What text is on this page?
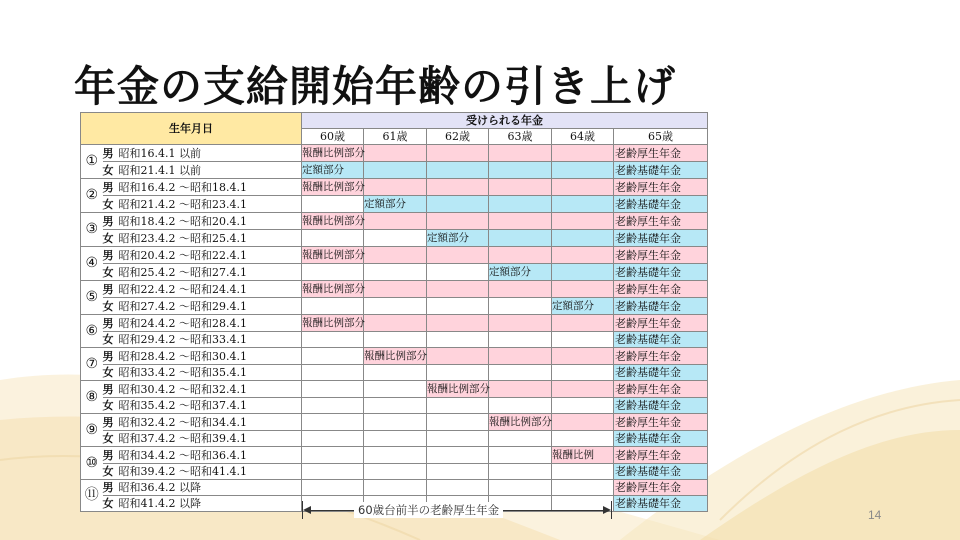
年金の支給開始年齢の引き上げ
生年月日		受けられる年金					
		60歳	61歳	62歳	63歳	64歳	65歳
①	男 昭和16.4.1 以前	報酬比例部分					老齢厚生年金
	女 昭和21.4.1 以前	定額部分					老齢基礎年金
②	男 昭和16.4.2 ～昭和18.4.1	報酬比例部分					老齢厚生年金
	女 昭和21.4.2 ～昭和23.4.1		定額部分				老齢基礎年金
③	男 昭和18.4.2 ～昭和20.4.1	報酬比例部分					老齢厚生年金
	女 昭和23.4.2 ～昭和25.4.1			定額部分			老齢基礎年金
④	男 昭和20.4.2 ～昭和22.4.1	報酬比例部分					老齢厚生年金
	女 昭和25.4.2 ～昭和27.4.1				定額部分		老齢基礎年金
⑤	男 昭和22.4.2 ～昭和24.4.1	報酬比例部分					老齢厚生年金
	女 昭和27.4.2 ～昭和29.4.1					定額部分	老齢基礎年金
⑥	男 昭和24.4.2 ～昭和28.4.1	報酬比例部分					老齢厚生年金
	女 昭和29.4.2 ～昭和33.4.1						老齢基礎年金
⑦	男 昭和28.4.2 ～昭和30.4.1		報酬比例部分				老齢厚生年金
	女 昭和33.4.2 ～昭和35.4.1						老齢基礎年金
⑧	男 昭和30.4.2 ～昭和32.4.1			報酬比例部分			老齢厚生年金
	女 昭和35.4.2 ～昭和37.4.1						老齢基礎年金
⑨	男 昭和32.4.2 ～昭和34.4.1				報酬比例部分		老齢厚生年金
	女 昭和37.4.2 ～昭和39.4.1						老齢基礎年金
⑩	男 昭和34.4.2 ～昭和36.4.1					報酬比例	老齢厚生年金
	女 昭和39.4.2 ～昭和41.4.1						老齢基礎年金
⑪	男 昭和36.4.2 以降						老齢厚生年金
	女 昭和41.4.2 以降						老齢基礎年金
60歳台前半の老齢厚生年金	14
